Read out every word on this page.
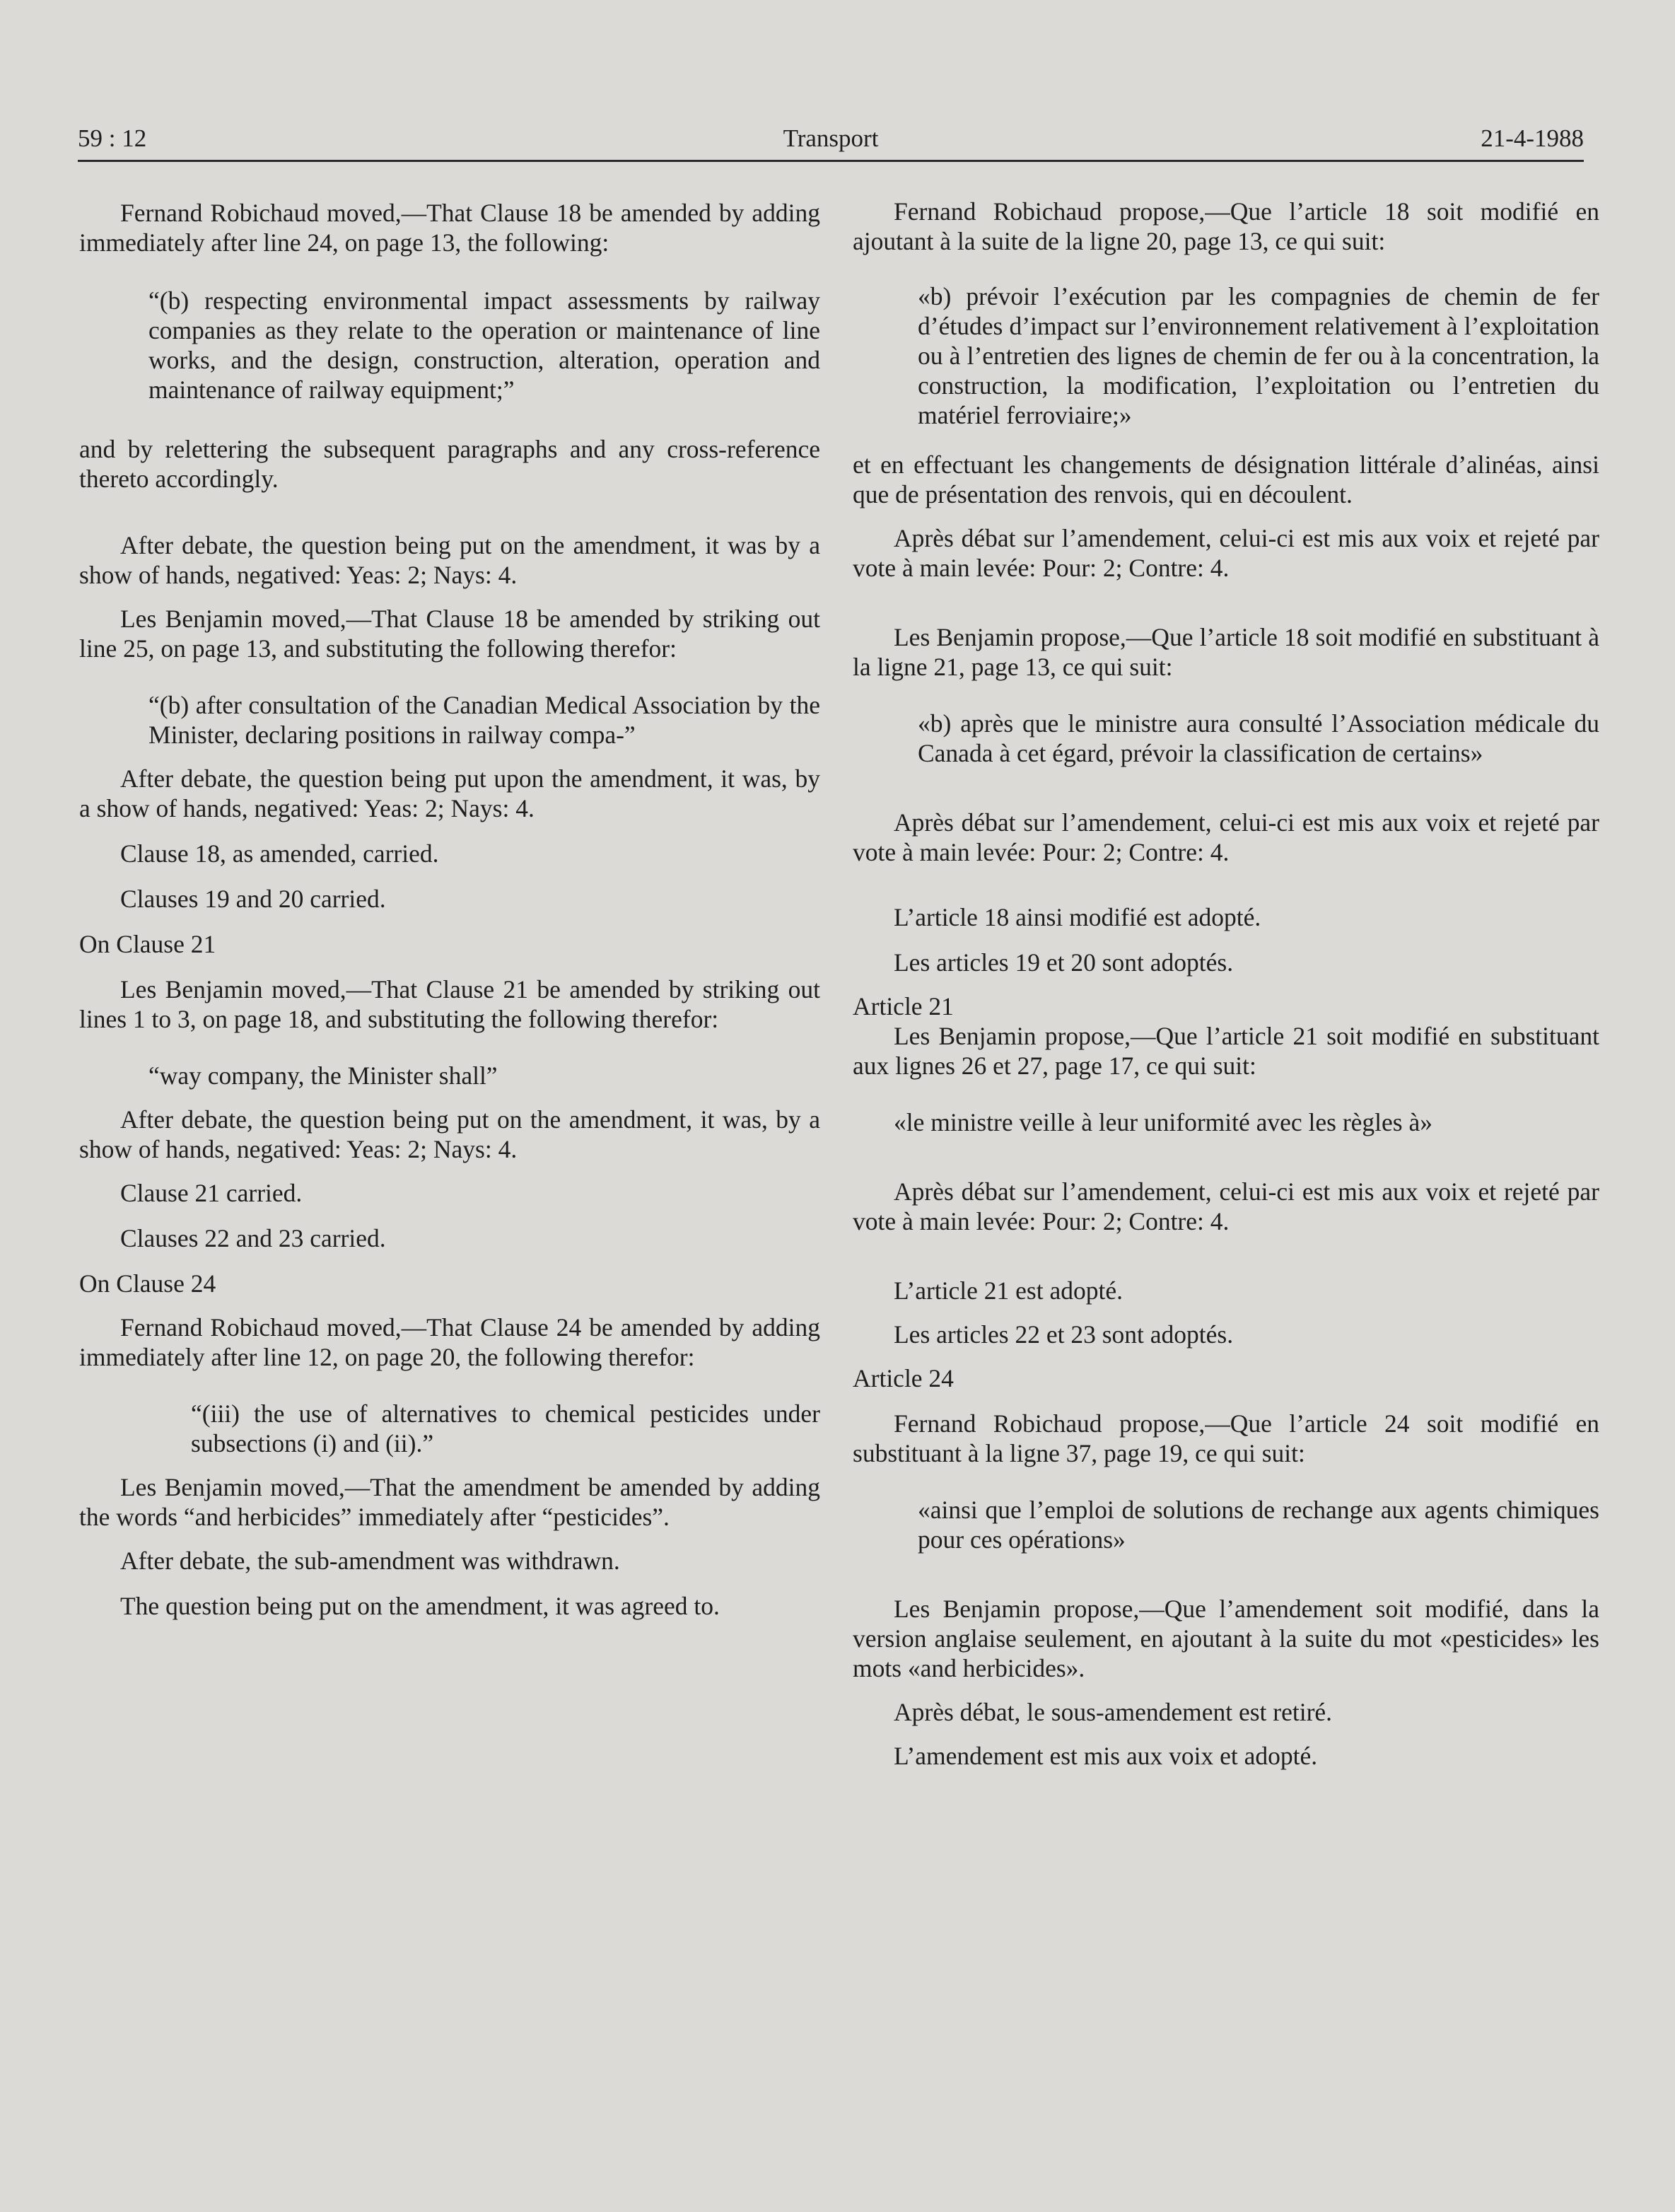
59 : 12	Transport	21-4-1988

Fernand Robichaud moved,—That Clause 18 be amended by adding immediately after line 24, on page 13, the following:

“(b) respecting environmental impact assessments by railway companies as they relate to the operation or maintenance of line works, and the design, construction, alteration, operation and maintenance of railway equipment;”

and by relettering the subsequent paragraphs and any cross-reference thereto accordingly.

After debate, the question being put on the amendment, it was by a show of hands, negatived: Yeas: 2; Nays: 4.

Les Benjamin moved,—That Clause 18 be amended by striking out line 25, on page 13, and substituting the following therefor:

“(b) after consultation of the Canadian Medical Association by the Minister, declaring positions in railway compa-”

After debate, the question being put upon the amendment, it was, by a show of hands, negatived: Yeas: 2; Nays: 4.

Clause 18, as amended, carried.

Clauses 19 and 20 carried.

On Clause 21

Les Benjamin moved,—That Clause 21 be amended by striking out lines 1 to 3, on page 18, and substituting the following therefor:

“way company, the Minister shall”

After debate, the question being put on the amendment, it was, by a show of hands, negatived: Yeas: 2; Nays: 4.

Clause 21 carried.

Clauses 22 and 23 carried.

On Clause 24

Fernand Robichaud moved,—That Clause 24 be amended by adding immediately after line 12, on page 20, the following therefor:

“(iii) the use of alternatives to chemical pesticides under subsections (i) and (ii).”

Les Benjamin moved,—That the amendment be amended by adding the words “and herbicides” immediately after “pesticides”.

After debate, the sub-amendment was withdrawn.

The question being put on the amendment, it was agreed to.

Fernand Robichaud propose,—Que l’article 18 soit modifié en ajoutant à la suite de la ligne 20, page 13, ce qui suit:

«b) prévoir l’exécution par les compagnies de chemin de fer d’études d’impact sur l’environnement relativement à l’exploitation ou à l’entretien des lignes de chemin de fer ou à la concentration, la construction, la modification, l’exploitation ou l’entretien du matériel ferroviaire;»

et en effectuant les changements de désignation littérale d’alinéas, ainsi que de présentation des renvois, qui en découlent.

Après débat sur l’amendement, celui-ci est mis aux voix et rejeté par vote à main levée: Pour: 2; Contre: 4.

Les Benjamin propose,—Que l’article 18 soit modifié en substituant à la ligne 21, page 13, ce qui suit:

«b) après que le ministre aura consulté l’Association médicale du Canada à cet égard, prévoir la classification de certains»

Après débat sur l’amendement, celui-ci est mis aux voix et rejeté par vote à main levée: Pour: 2; Contre: 4.

L’article 18 ainsi modifié est adopté.

Les articles 19 et 20 sont adoptés.

Article 21

Les Benjamin propose,—Que l’article 21 soit modifié en substituant aux lignes 26 et 27, page 17, ce qui suit:

«le ministre veille à leur uniformité avec les règles à»

Après débat sur l’amendement, celui-ci est mis aux voix et rejeté par vote à main levée: Pour: 2; Contre: 4.

L’article 21 est adopté.

Les articles 22 et 23 sont adoptés.

Article 24

Fernand Robichaud propose,—Que l’article 24 soit modifié en substituant à la ligne 37, page 19, ce qui suit:

«ainsi que l’emploi de solutions de rechange aux agents chimiques pour ces opérations»

Les Benjamin propose,—Que l’amendement soit modifié, dans la version anglaise seulement, en ajoutant à la suite du mot «pesticides» les mots «and herbicides».

Après débat, le sous-amendement est retiré.

L’amendement est mis aux voix et adopté.
